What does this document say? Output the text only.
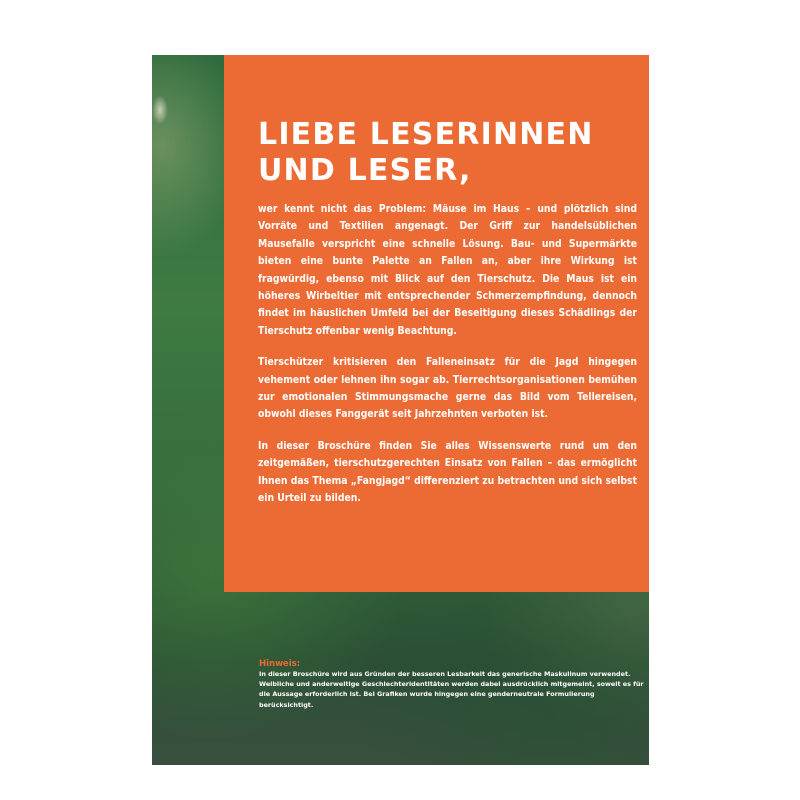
LIEBE LESERINNEN
UND LESER,

wer kennt nicht das Problem: Mäuse im Haus – und plötzlich sind Vorräte und Textilien angenagt. Der Griff zur handelsüblichen Mausefalle verspricht eine schnelle Lösung. Bau- und Supermärkte bieten eine bunte Palette an Fallen an, aber ihre Wirkung ist fragwürdig, ebenso mit Blick auf den Tierschutz. Die Maus ist ein höheres Wirbeltier mit entsprechender Schmerzempfindung, dennoch findet im häuslichen Umfeld bei der Beseitigung dieses Schädlings der Tierschutz offenbar wenig Beachtung.

Tierschützer kritisieren den Falleneinsatz für die Jagd hingegen vehement oder lehnen ihn sogar ab. Tierrechtsorganisationen bemühen zur emotionalen Stimmungsmache gerne das Bild vom Tellereisen, obwohl dieses Fanggerät seit Jahrzehnten verboten ist.

In dieser Broschüre finden Sie alles Wissenswerte rund um den zeitgemäßen, tierschutzgerechten Einsatz von Fallen – das ermöglicht Ihnen das Thema „Fangjagd“ differenziert zu betrachten und sich selbst ein Urteil zu bilden.

Hinweis:
In dieser Broschüre wird aus Gründen der besseren Lesbarkeit das generische Maskulinum verwendet. Weibliche und anderweitige Geschlechteridentitäten werden dabei ausdrücklich mitgemeint, soweit es für die Aussage erforderlich ist. Bei Grafiken wurde hingegen eine genderneutrale Formulierung berücksichtigt.
